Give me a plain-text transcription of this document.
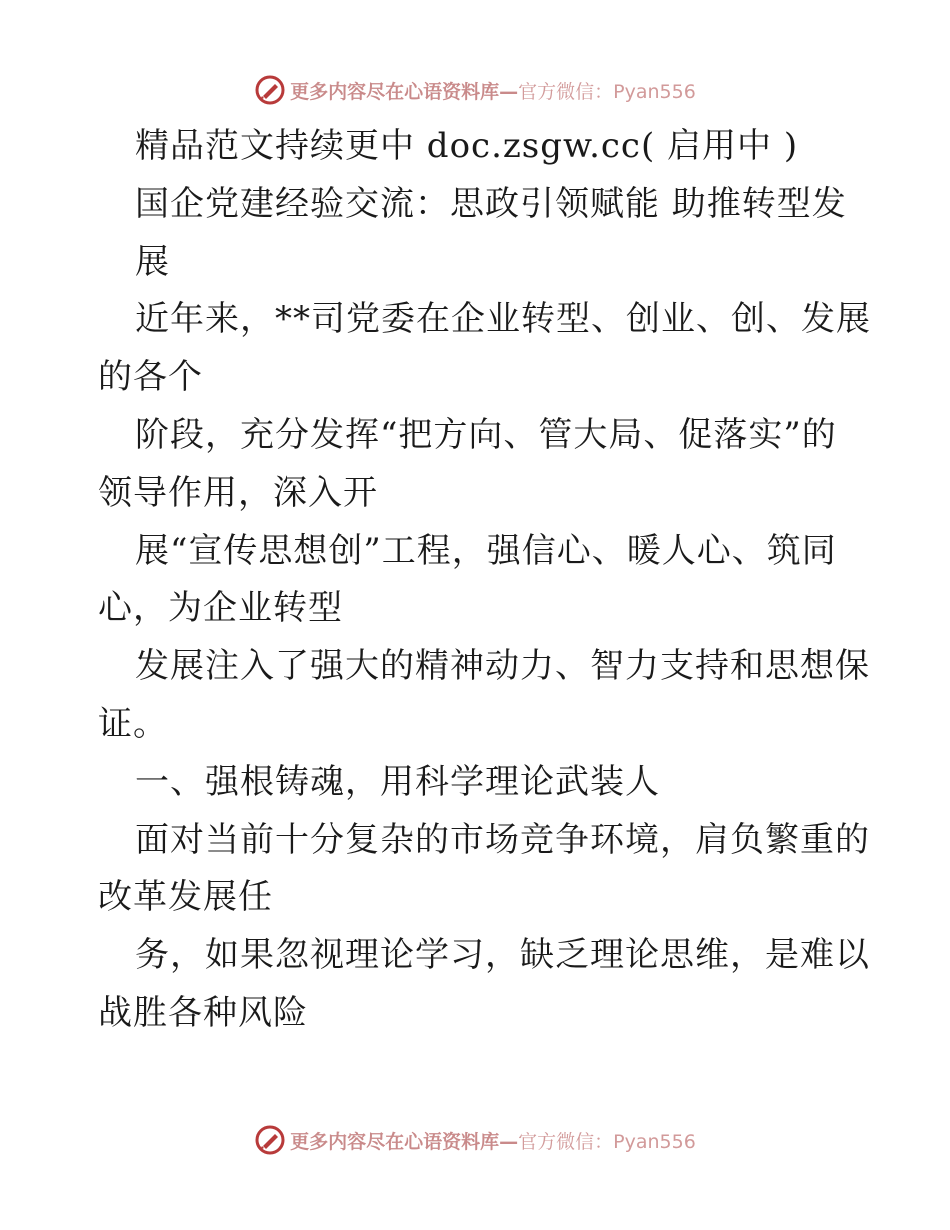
更多内容尽在心语资料库—官方微信：Pyan556
精品范文持续更中 doc.zsgw.cc( 启用中 )
国企党建经验交流：思政引领赋能 助推转型发
展
近年来，**司党委在企业转型、创业、创、发展
的各个
阶段，充分发挥“把方向、管大局、促落实”的
领导作用，深入开
展“宣传思想创”工程，强信心、暖人心、筑同
心，为企业转型
发展注入了强大的精神动力、智力支持和思想保
证。
一、强根铸魂，用科学理论武装人
面对当前十分复杂的市场竞争环境，肩负繁重的
改革发展任
务，如果忽视理论学习，缺乏理论思维，是难以
战胜各种风险
更多内容尽在心语资料库—官方微信：Pyan556
